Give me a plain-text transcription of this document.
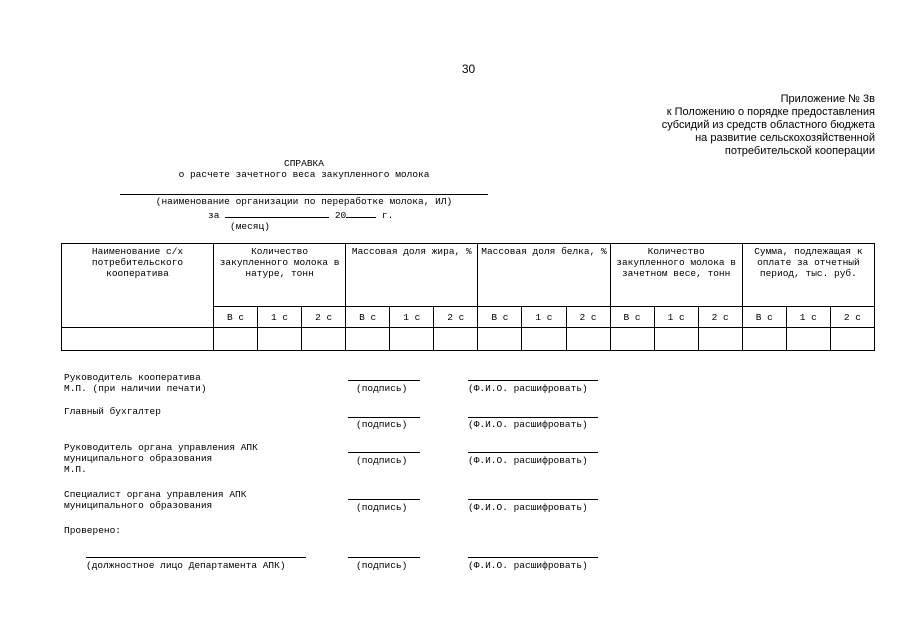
30
Приложение № 3в
к Положению о порядке предоставления
субсидий из средств областного бюджета
на развитие сельскохозяйственной
потребительской кооперации
СПРАВКА
о расчете зачетного веса закупленного молока
(наименование организации по переработке молока, ИЛ)
за	20	г.
(месяц)
Наименование с/х потребительского кооператива	Количество закупленного молока в натуре, тонн			Массовая доля жира, %			Массовая доля белка, %			Количество закупленного молока в зачетном весе, тонн			Сумма, подлежащая к оплате за отчетный период, тыс. руб.		
	В с	1 с	2 с	В с	1 с	2 с	В с	1 с	2 с	В с	1 с	2 с	В с	1 с	2 с

Руководитель кооператива
М.П. (при наличии печати)	(подпись)	(Ф.И.О. расшифровать)
Главный бухгалтер
(подпись)	(Ф.И.О. расшифровать)
Руководитель органа управления АПК
муниципального образования
М.П.
(подпись)	(Ф.И.О. расшифровать)
Специалист органа управления АПК
муниципального образования	(подпись)	(Ф.И.О. расшифровать)
Проверено:
(должностное лицо Департамента АПК)	(подпись)	(Ф.И.О. расшифровать)
